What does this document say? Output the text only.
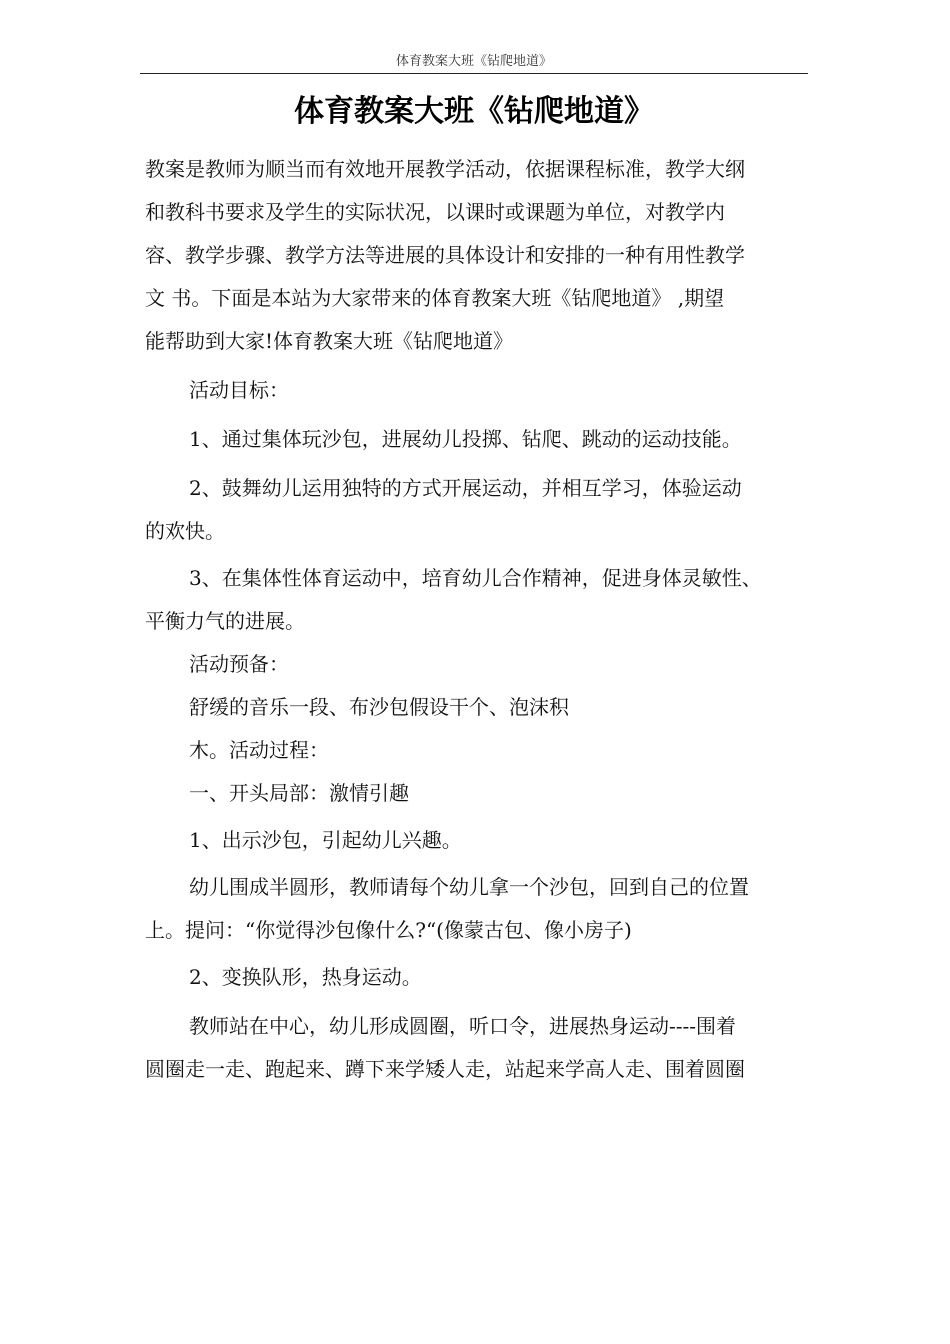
体育教案大班《钻爬地道》
体育教案大班《钻爬地道》

教案是教师为顺当而有效地开展教学活动，依据课程标准，教学大纲

和教科书要求及学生的实际状况，以课时或课题为单位，对教学内

容、教学步骤、教学方法等进展的具体设计和安排的一种有用性教学

文 书。下面是本站为大家带来的体育教案大班《钻爬地道》 ,期望

能帮助到大家!体育教案大班《钻爬地道》

活动目标：

1、通过集体玩沙包，进展幼儿投掷、钻爬、跳动的运动技能。

2、鼓舞幼儿运用独特的方式开展运动，并相互学习，体验运动

的欢快。

3、在集体性体育运动中，培育幼儿合作精神，促进身体灵敏性、

平衡力气的进展。

活动预备：

舒缓的音乐一段、布沙包假设干个、泡沫积

木。活动过程：

一、开头局部：激情引趣

1、出示沙包，引起幼儿兴趣。

幼儿围成半圆形，教师请每个幼儿拿一个沙包，回到自己的位置

上。提问：“你觉得沙包像什么?“(像蒙古包、像小房子)

2、变换队形，热身运动。

教师站在中心，幼儿形成圆圈，听口令，进展热身运动----围着

圆圈走一走、跑起来、蹲下来学矮人走，站起来学高人走、围着圆圈
